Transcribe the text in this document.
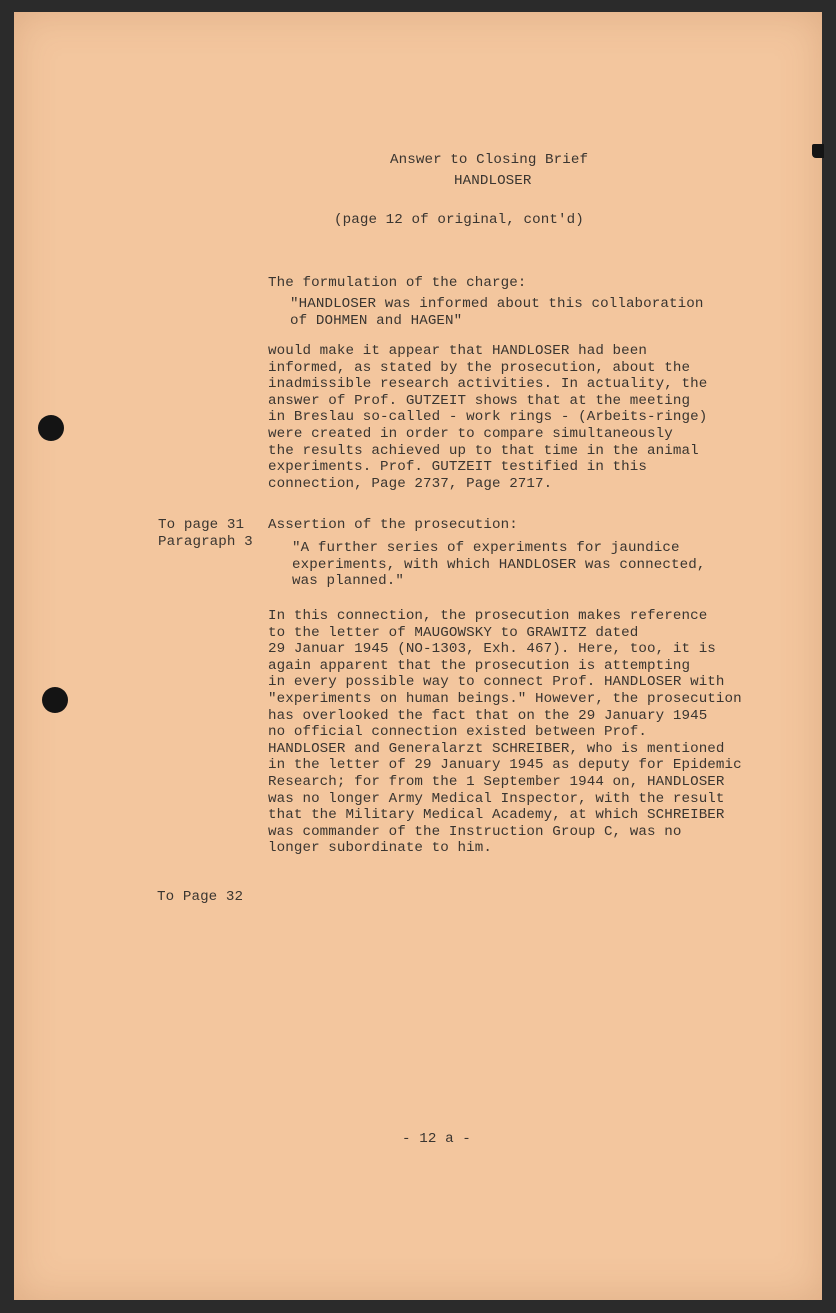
Answer to Closing Brief
HANDLOSER
(page 12 of original, cont'd)
The formulation of the charge:
"HANDLOSER was informed about this collaboration
of DOHMEN and HAGEN"
would make it appear that HANDLOSER had been
informed, as stated by the prosecution, about the
inadmissible research activities. In actuality, the
answer of Prof. GUTZEIT shows that at the meeting
in Breslau so-called - work rings - (Arbeits-ringe)
were created in order to compare simultaneously
the results achieved up to that time in the animal
experiments. Prof. GUTZEIT testified in this
connection, Page 2737, Page 2717.
To page 31
Paragraph 3
Assertion of the prosecution:
"A further series of experiments for jaundice
experiments, with which HANDLOSER was connected,
was planned."
In this connection, the prosecution makes reference
to the letter of MAUGOWSKY to GRAWITZ dated
29 Januar 1945 (NO-1303, Exh. 467). Here, too, it is
again apparent that the prosecution is attempting
in every possible way to connect Prof. HANDLOSER with
"experiments on human beings." However, the prosecution
has overlooked the fact that on the 29 January 1945
no official connection existed between Prof.
HANDLOSER and Generalarzt SCHREIBER, who is mentioned
in the letter of 29 January 1945 as deputy for Epidemic
Research; for from the 1 September 1944 on, HANDLOSER
was no longer Army Medical Inspector, with the result
that the Military Medical Academy, at which SCHREIBER
was commander of the Instruction Group C, was no
longer subordinate to him.
To Page 32
- 12 a -
